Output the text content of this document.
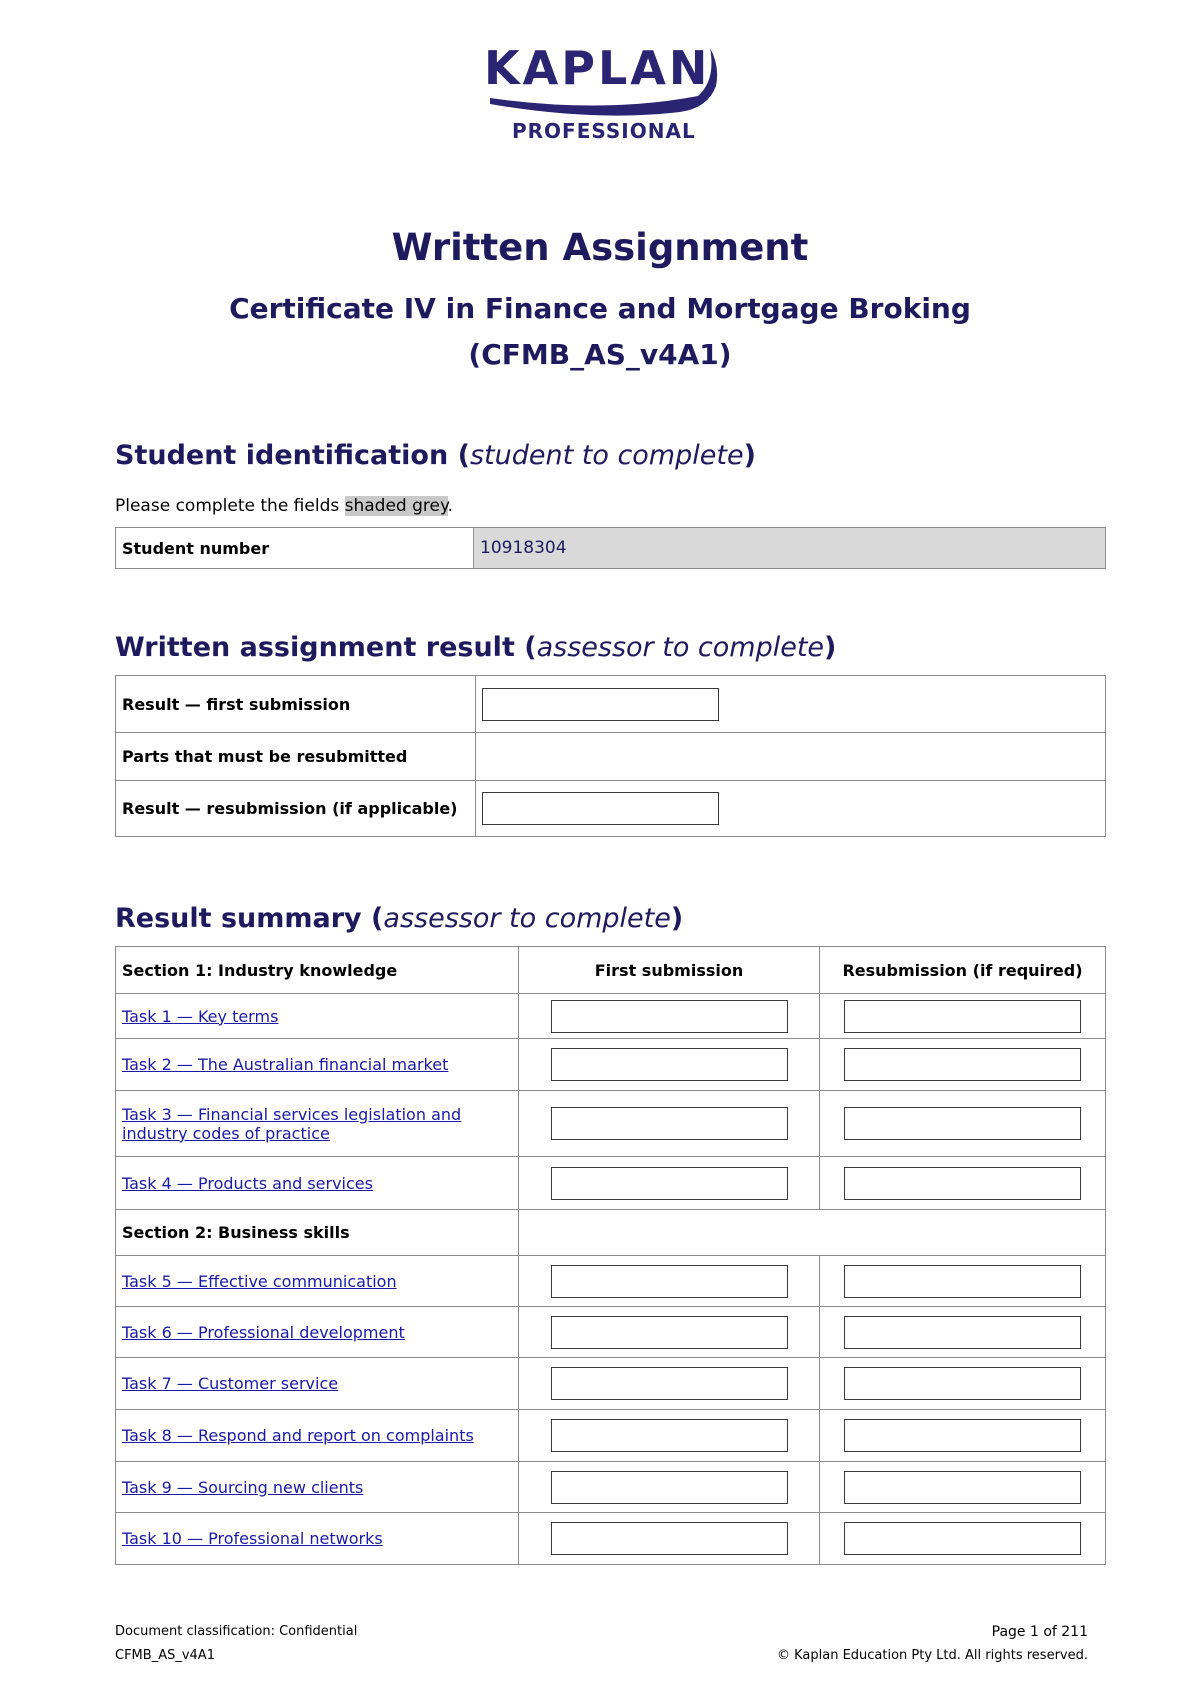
KAPLAN
PROFESSIONAL
Written Assignment
Certificate IV in Finance and Mortgage Broking
(CFMB_AS_v4A1)
Student identification (student to complete)

Please complete the fields shaded grey.

Student number	10918304
Written assignment result (assessor to complete)
Result — first submission	
Parts that must be resubmitted	
Result — resubmission (if applicable)	
Result summary (assessor to complete)
Section 1: Industry knowledge	First submission	Resubmission (if required)
Task 1 — Key terms		
Task 2 — The Australian financial market		
Task 3 — Financial services legislation and
industry codes of practice		
Task 4 — Products and services		
Section 2: Business skills		
Task 5 — Effective communication		
Task 6 — Professional development		
Task 7 — Customer service		
Task 8 — Respond and report on complaints		
Task 9 — Sourcing new clients		
Task 10 — Professional networks		

Document classification: Confidential

CFMB_AS_v4A1

Page 1 of 211

© Kaplan Education Pty Ltd. All rights reserved.
